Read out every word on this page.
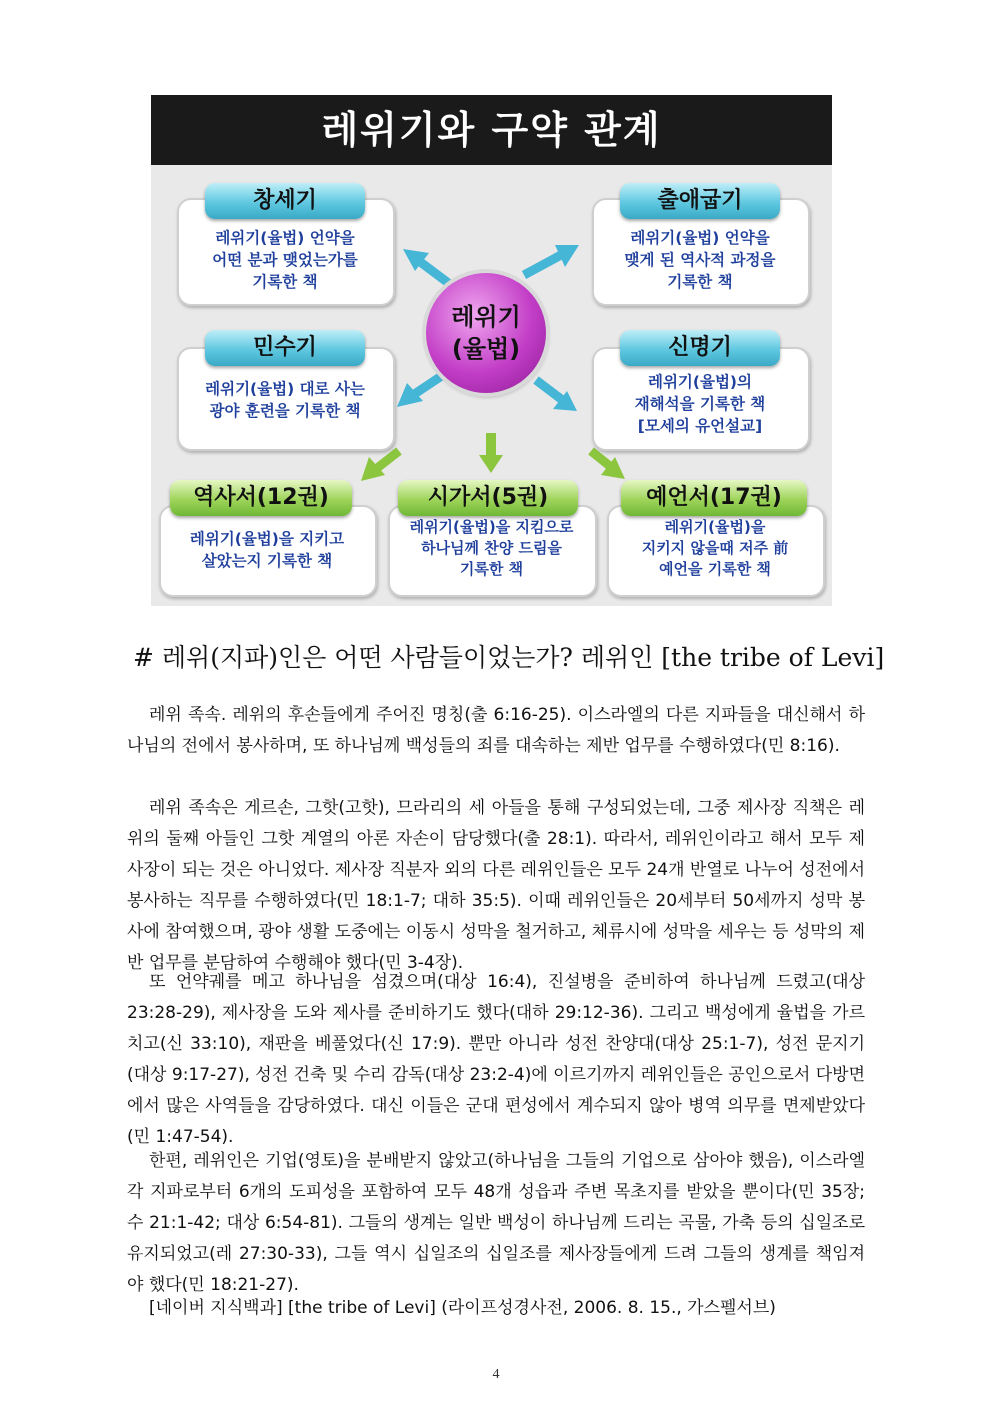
레위기와 구약 관계
창세기
레위기(율법) 언약을
어떤 분과 맺었는가를
기록한 책
출애굽기
레위기(율법) 언약을
맺게 된 역사적 과정을
기록한 책
민수기
레위기(율법) 대로 사는
광야 훈련을 기록한 책
신명기
레위기(율법)의
재해석을 기록한 책
[모세의 유언설교]
역사서(12권)
레위기(율법)을 지키고
살았는지 기록한 책
시가서(5권)
레위기(율법)을 지킴으로
하나님께 찬양 드림을
기록한 책
예언서(17권)
레위기(율법)을
지키지 않을때 저주 前
예언을 기록한 책
레위기
(율법)
# 레위(지파)인은 어떤 사람들이었는가? 레위인 [the tribe of Levi]

레위 족속. 레위의 후손들에게 주어진 명칭(출 6:16-25). 이스라엘의 다른 지파들을 대신해서 하나님의 전에서 봉사하며, 또 하나님께 백성들의 죄를 대속하는 제반 업무를 수행하였다(민 8:16).

레위 족속은 게르손, 그핫(고핫), 므라리의 세 아들을 통해 구성되었는데, 그중 제사장 직책은 레위의 둘째 아들인 그핫 계열의 아론 자손이 담당했다(출 28:1). 따라서, 레위인이라고 해서 모두 제사장이 되는 것은 아니었다. 제사장 직분자 외의 다른 레위인들은 모두 24개 반열로 나누어 성전에서 봉사하는 직무를 수행하였다(민 18:1-7; 대하 35:5). 이때 레위인들은 20세부터 50세까지 성막 봉사에 참여했으며, 광야 생활 도중에는 이동시 성막을 철거하고, 체류시에 성막을 세우는 등 성막의 제반 업무를 분담하여 수행해야 했다(민 3-4장).

또 언약궤를 메고 하나님을 섬겼으며(대상 16:4), 진설병을 준비하여 하나님께 드렸고(대상 23:28-29), 제사장을 도와 제사를 준비하기도 했다(대하 29:12-36). 그리고 백성에게 율법을 가르치고(신 33:10), 재판을 베풀었다(신 17:9). 뿐만 아니라 성전 찬양대(대상 25:1-7), 성전 문지기(대상 9:17-27), 성전 건축 및 수리 감독(대상 23:2-4)에 이르기까지 레위인들은 공인으로서 다방면에서 많은 사역들을 감당하였다. 대신 이들은 군대 편성에서 계수되지 않아 병역 의무를 면제받았다(민 1:47-54).

한편, 레위인은 기업(영토)을 분배받지 않았고(하나님을 그들의 기업으로 삼아야 했음), 이스라엘 각 지파로부터 6개의 도피성을 포함하여 모두 48개 성읍과 주변 목초지를 받았을 뿐이다(민 35장; 수 21:1-42; 대상 6:54-81). 그들의 생계는 일반 백성이 하나님께 드리는 곡물, 가축 등의 십일조로 유지되었고(레 27:30-33), 그들 역시 십일조의 십일조를 제사장들에게 드려 그들의 생계를 책임져야 했다(민 18:21-27).

[네이버 지식백과] [the tribe of Levi] (라이프성경사전, 2006. 8. 15., 가스펠서브)
4
